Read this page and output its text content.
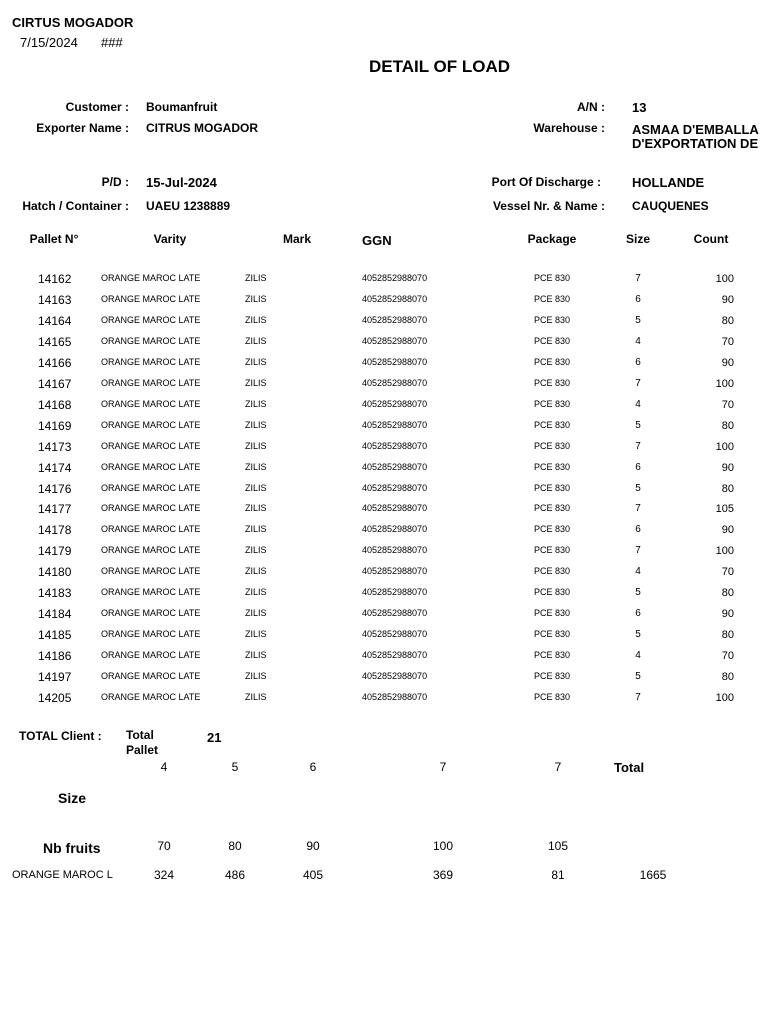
CIRTUS MOGADOR
7/15/2024 ###
DETAIL OF LOAD
Customer : Boumanfruit
Exporter Name : CITRUS MOGADOR
A/N : 13
Warehouse : ASMAA D'EMBALLA
D'EXPORTATION DE
P/D : 15-Jul-2024	Port Of Discharge : HOLLANDE
Hatch / Container : UAEU 1238889	Vessel Nr. & Name : CAUQUENES
Pallet N°	Varity	Mark	GGN	Package	Size	Count
14162	ORANGE MAROC LATE	ZILIS	4052852988070	PCE 830	7	100
14163	ORANGE MAROC LATE	ZILIS	4052852988070	PCE 830	6	90
14164	ORANGE MAROC LATE	ZILIS	4052852988070	PCE 830	5	80
14165	ORANGE MAROC LATE	ZILIS	4052852988070	PCE 830	4	70
14166	ORANGE MAROC LATE	ZILIS	4052852988070	PCE 830	6	90
14167	ORANGE MAROC LATE	ZILIS	4052852988070	PCE 830	7	100
14168	ORANGE MAROC LATE	ZILIS	4052852988070	PCE 830	4	70
14169	ORANGE MAROC LATE	ZILIS	4052852988070	PCE 830	5	80
14173	ORANGE MAROC LATE	ZILIS	4052852988070	PCE 830	7	100
14174	ORANGE MAROC LATE	ZILIS	4052852988070	PCE 830	6	90
14176	ORANGE MAROC LATE	ZILIS	4052852988070	PCE 830	5	80
14177	ORANGE MAROC LATE	ZILIS	4052852988070	PCE 830	7	105
14178	ORANGE MAROC LATE	ZILIS	4052852988070	PCE 830	6	90
14179	ORANGE MAROC LATE	ZILIS	4052852988070	PCE 830	7	100
14180	ORANGE MAROC LATE	ZILIS	4052852988070	PCE 830	4	70
14183	ORANGE MAROC LATE	ZILIS	4052852988070	PCE 830	5	80
14184	ORANGE MAROC LATE	ZILIS	4052852988070	PCE 830	6	90
14185	ORANGE MAROC LATE	ZILIS	4052852988070	PCE 830	5	80
14186	ORANGE MAROC LATE	ZILIS	4052852988070	PCE 830	4	70
14197	ORANGE MAROC LATE	ZILIS	4052852988070	PCE 830	5	80
14205	ORANGE MAROC LATE	ZILIS	4052852988070	PCE 830	7	100
TOTAL Client : Total
Pallet
21
4	5	6	7	7	Total
Size
Nb fruits	70	80	90	100	105
ORANGE MAROC L	324	486	405	369	81	1665
